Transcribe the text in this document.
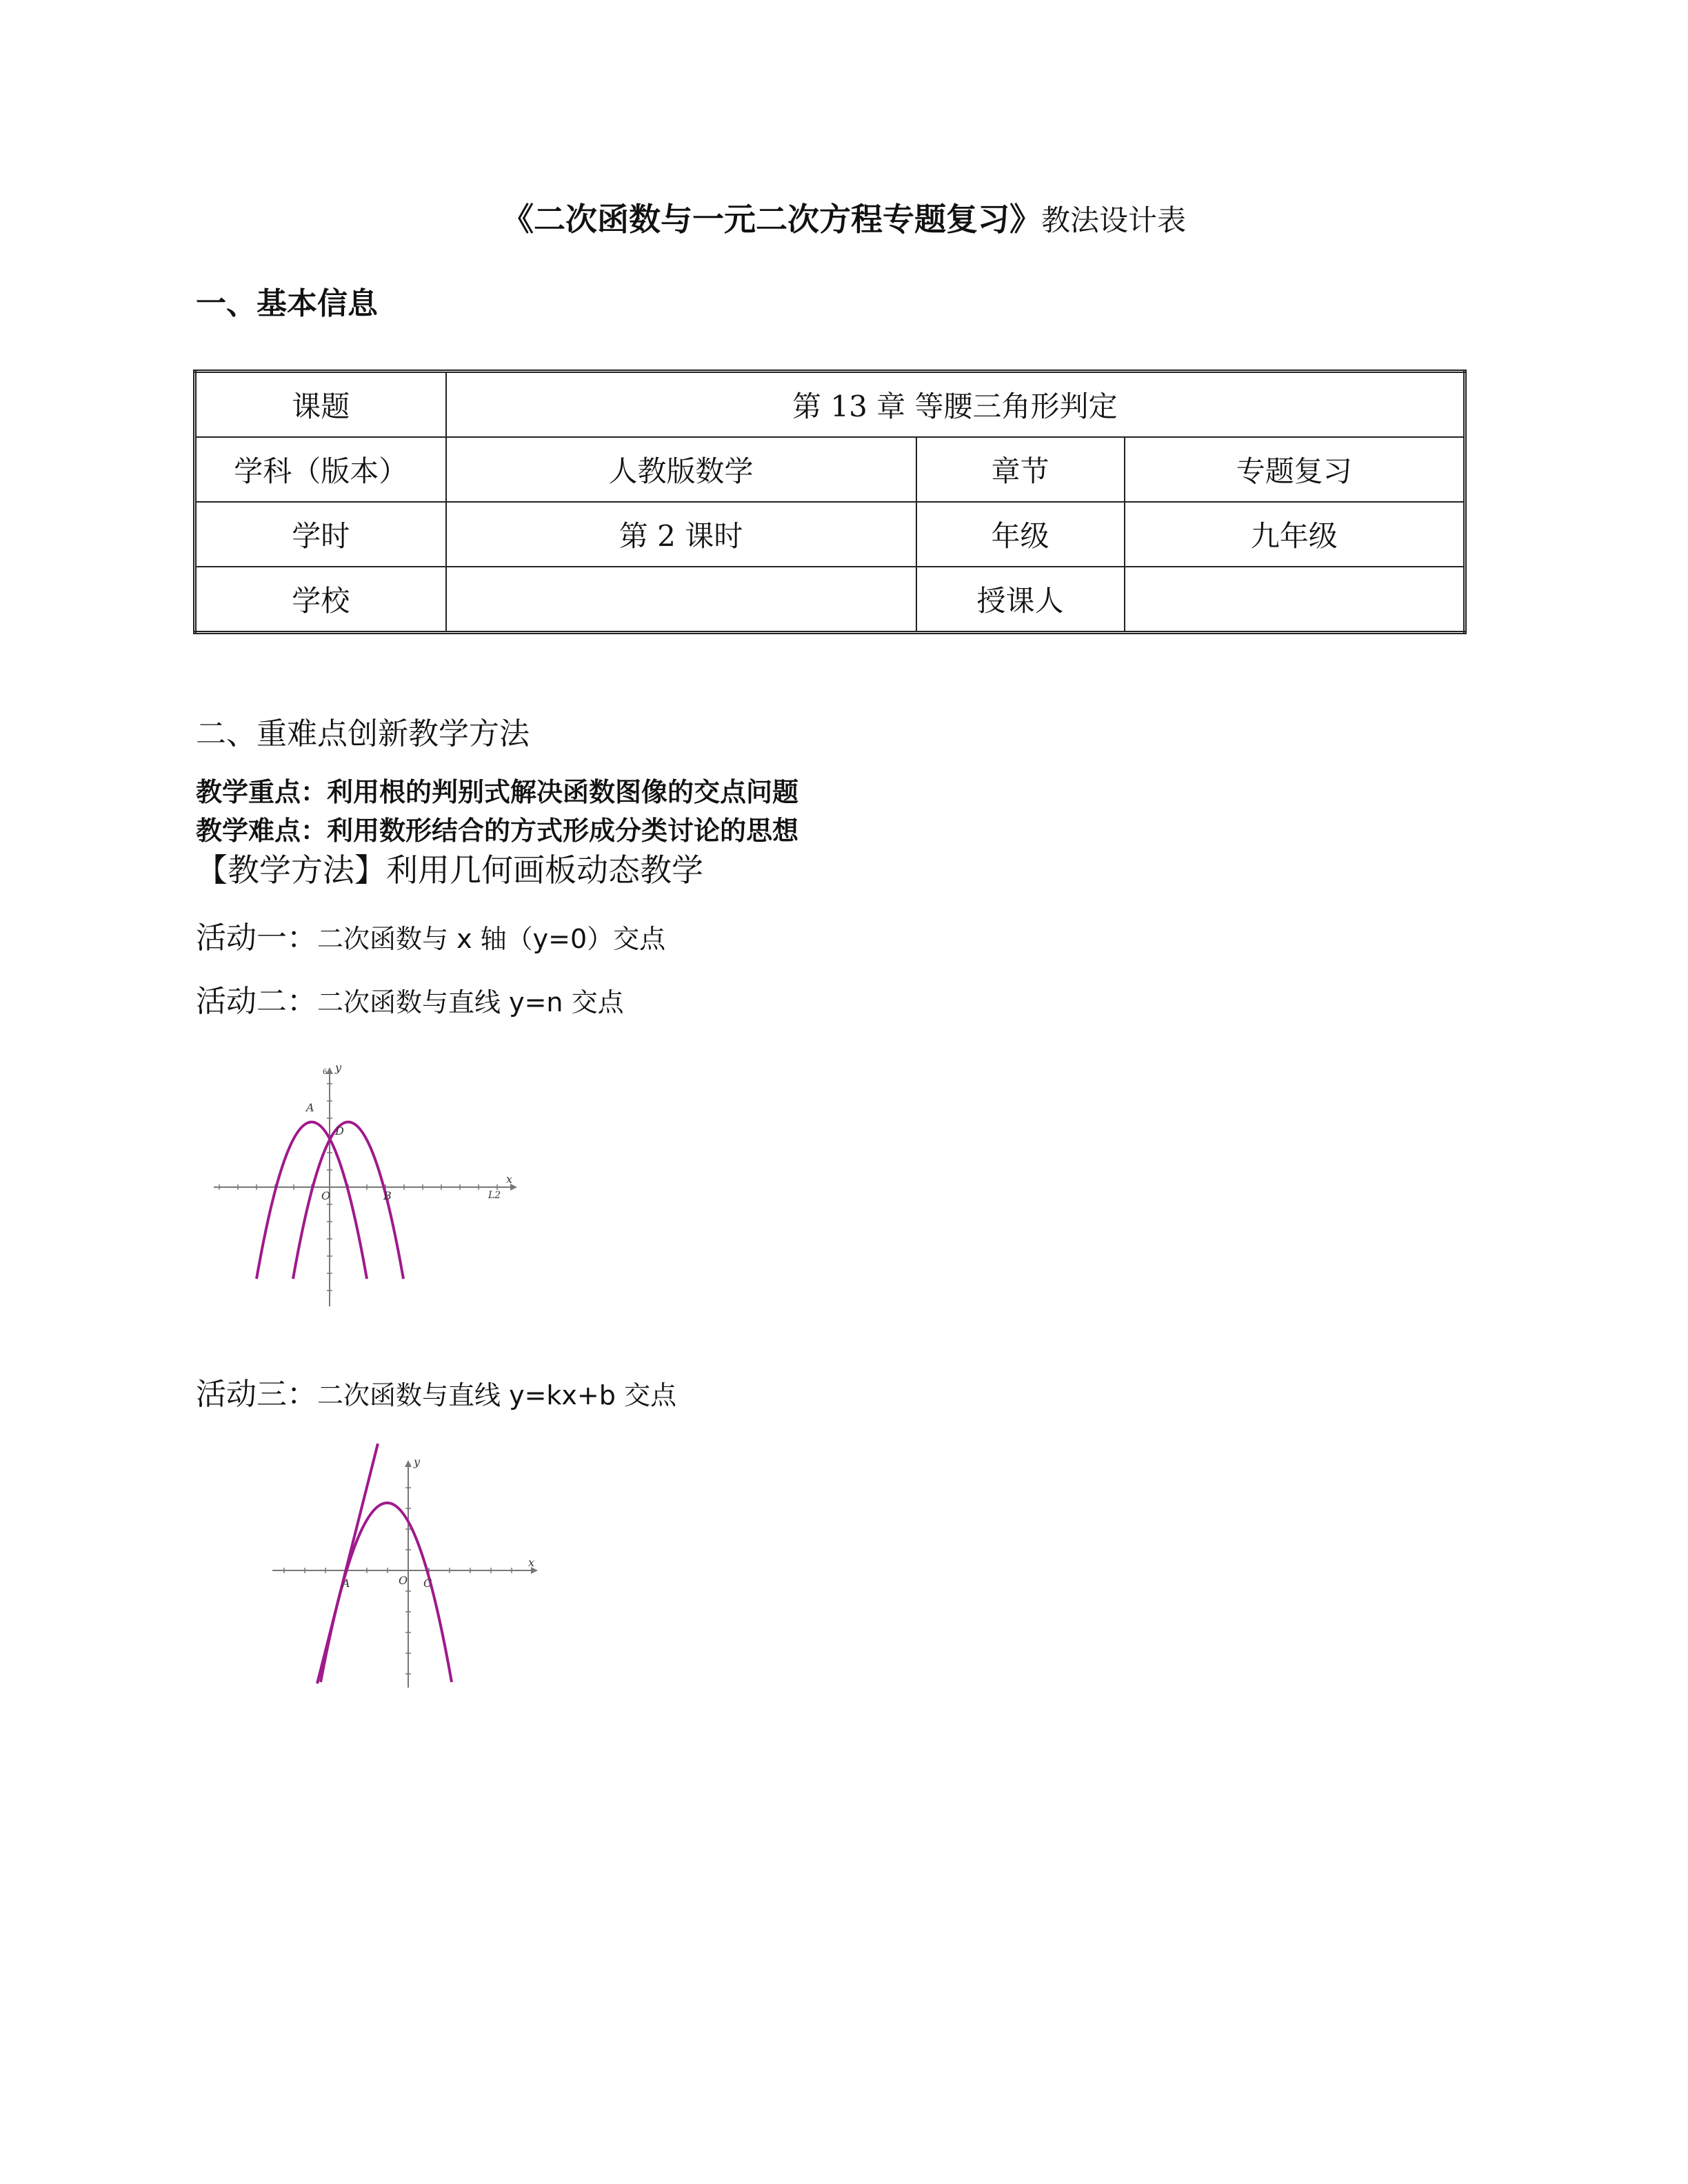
《二次函数与一元二次方程专题复习》教法设计表
一、基本信息
课题	第 13 章 等腰三角形判定		
学科（版本）	人教版数学	章节	专题复习
学时	第 2 课时	年级	九年级
学校		授课人	
二、重难点创新教学方法
教学重点：利用根的判别式解决函数图像的交点问题
教学难点：利用数形结合的方式形成分类讨论的思想
【教学方法】利用几何画板动态教学
活动一：二次函数与 x 轴（y=0）交点
活动二：二次函数与直线 y=n 交点
y
6
x
L2
O
A
D
B
活动三：二次函数与直线 y=kx+b 交点
y
x
O
A	C
